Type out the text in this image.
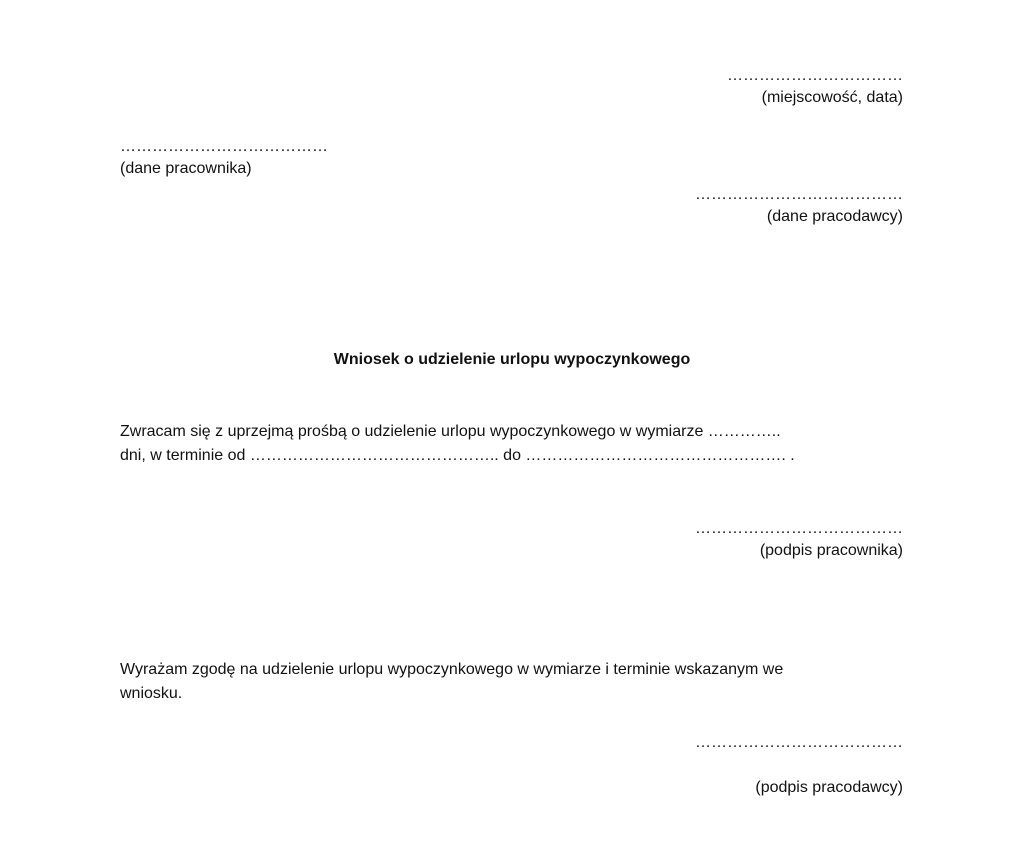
……………………………
(miejscowość, data)
…………………………………
(dane pracownika)
…………………………………
(dane pracodawcy)
Wniosek o udzielenie urlopu wypoczynkowego
Zwracam się z uprzejmą prośbą o udzielenie urlopu wypoczynkowego w wymiarze …………..
dni, w terminie od ……………………………………….. do …………………………………………. .
…………………………………
(podpis pracownika)
Wyrażam zgodę na udzielenie urlopu wypoczynkowego w wymiarze i terminie wskazanym we
wniosku.
…………………………………
(podpis pracodawcy)
